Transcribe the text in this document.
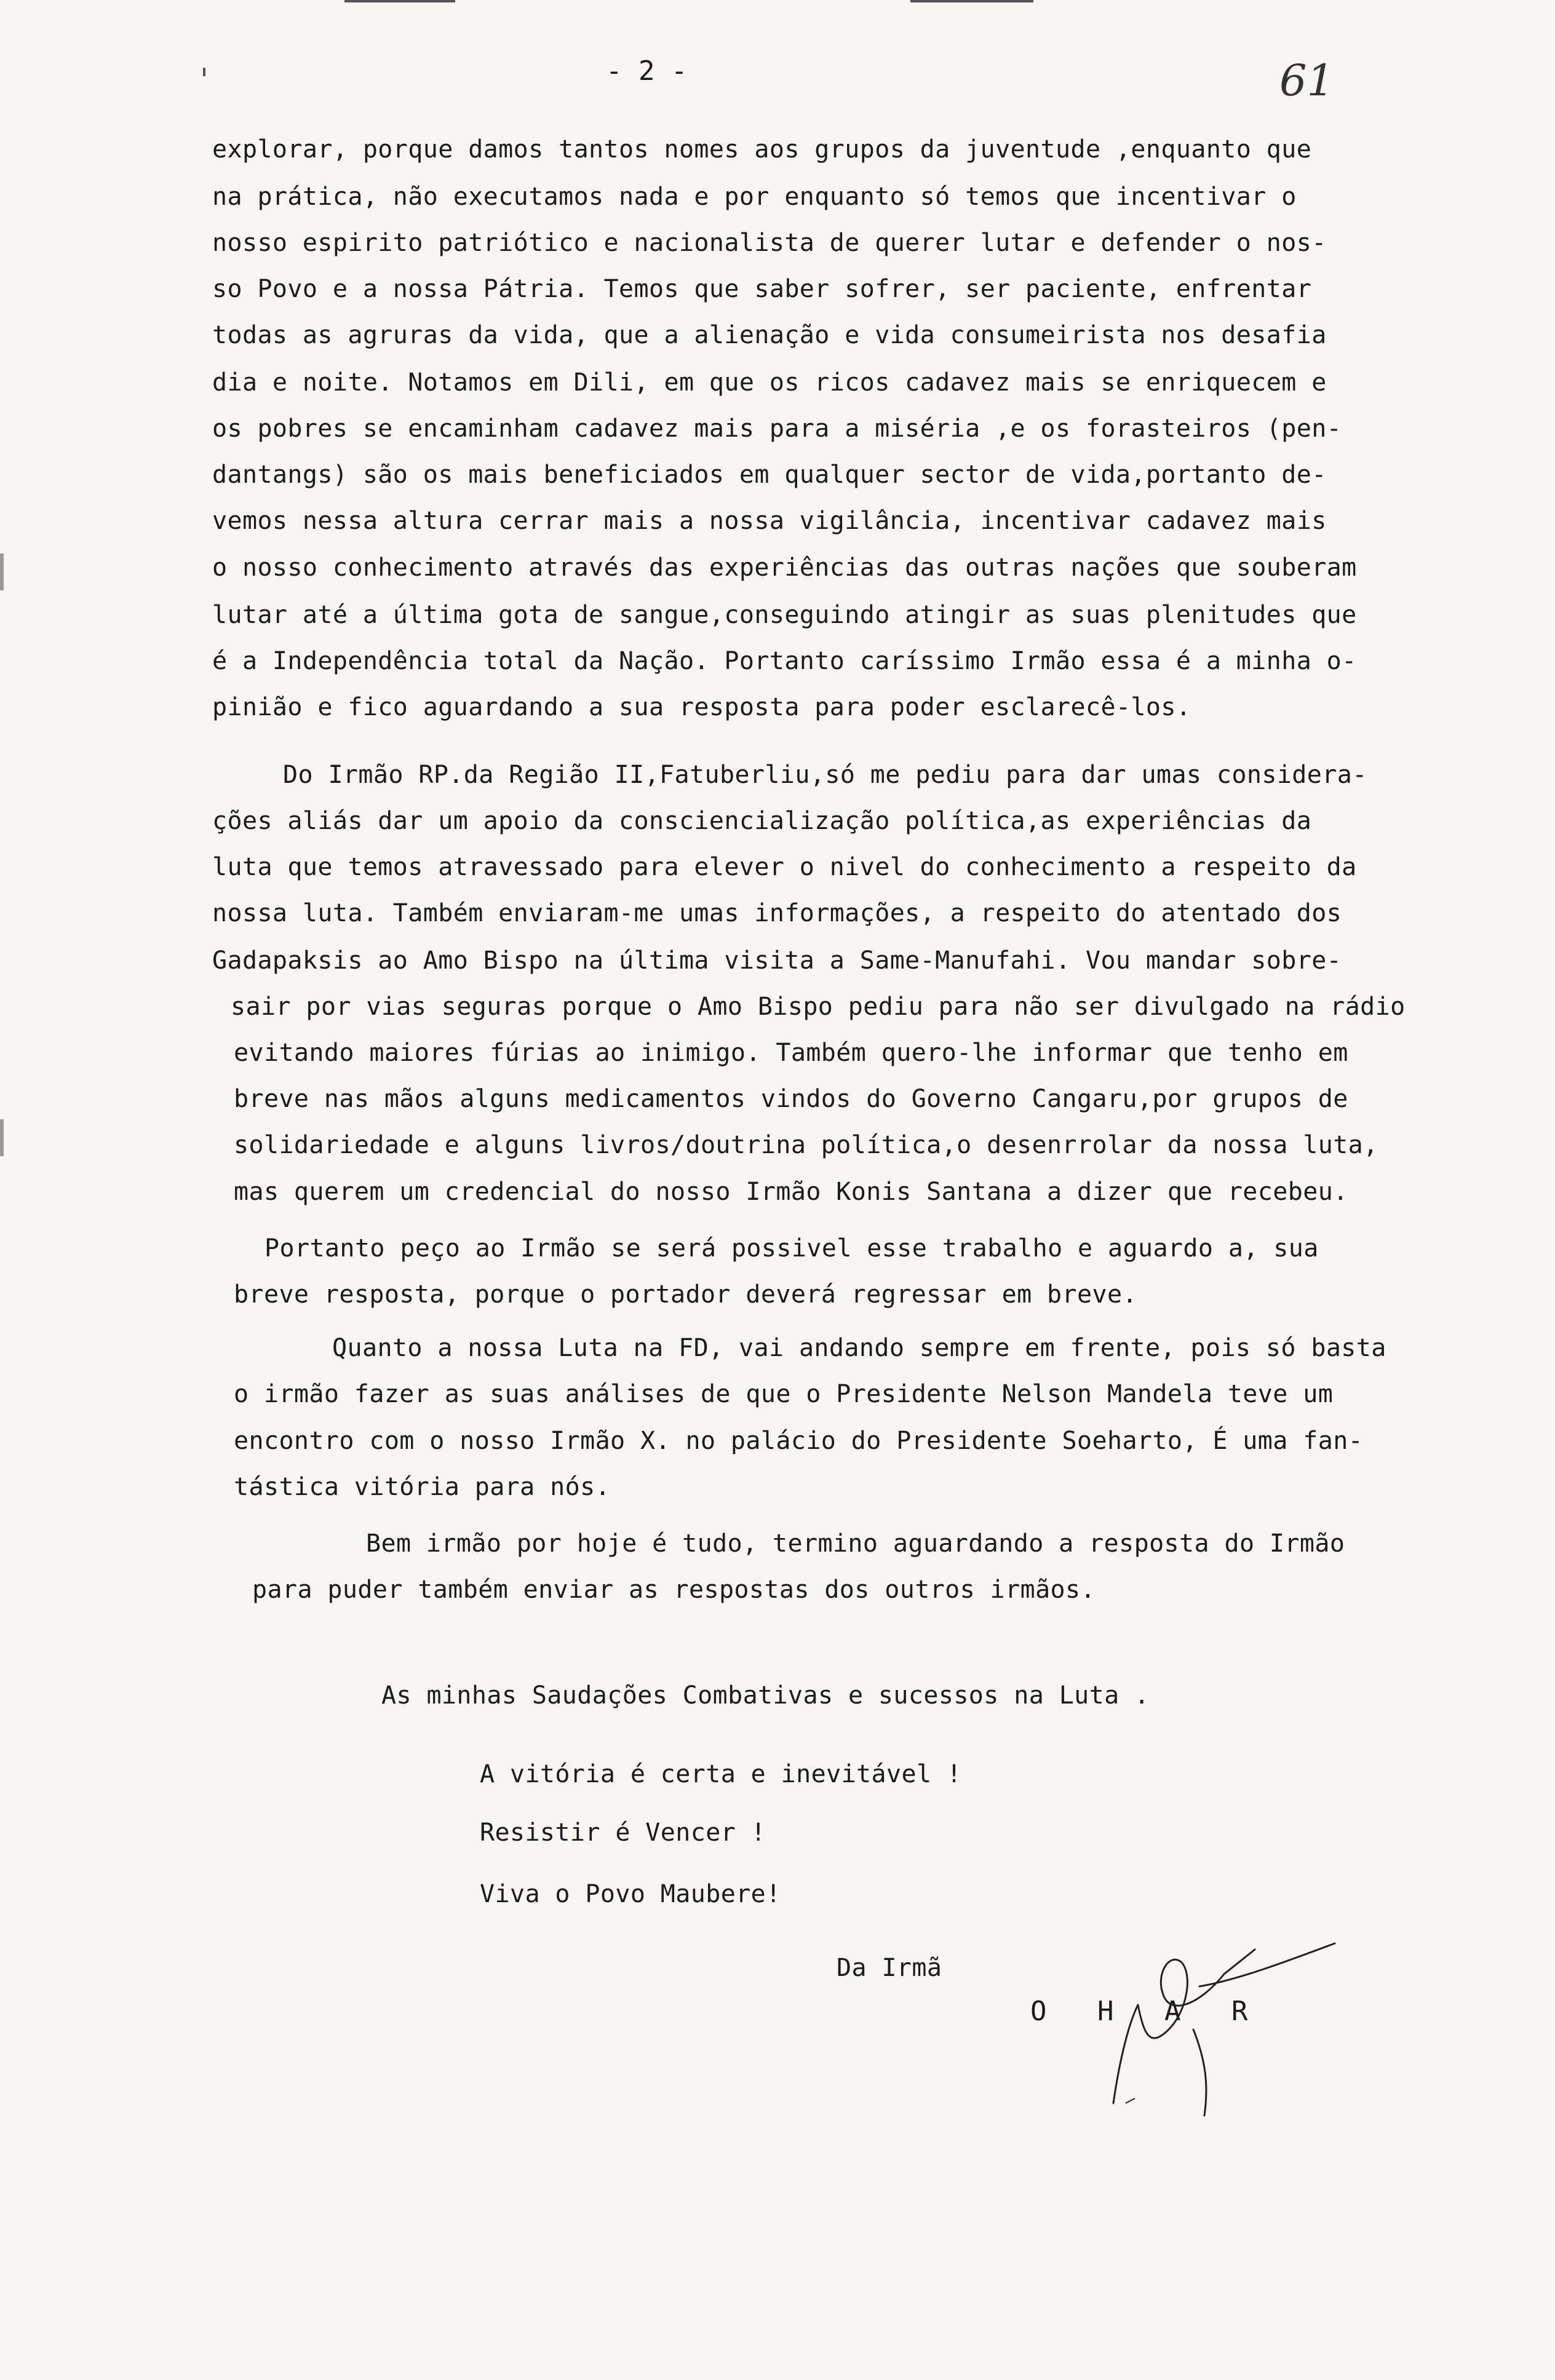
- 2 -	61
explorar, porque damos tantos nomes aos grupos da juventude ,enquanto que
na prática, não executamos nada e por enquanto só temos que incentivar o
nosso espirito patriótico e nacionalista de querer lutar e defender o nos-
so Povo e a nossa Pátria. Temos que saber sofrer, ser paciente, enfrentar
todas as agruras da vida, que a alienação e vida consumeirista nos desafia
dia e noite. Notamos em Dili, em que os ricos cadavez mais se enriquecem e
os pobres se encaminham cadavez mais para a miséria ,e os forasteiros (pen-
dantangs) são os mais beneficiados em qualquer sector de vida,portanto de-
vemos nessa altura cerrar mais a nossa vigilância, incentivar cadavez mais
o nosso conhecimento através das experiências das outras nações que souberam
lutar até a última gota de sangue,conseguindo atingir as suas plenitudes que
é a Independência total da Nação. Portanto caríssimo Irmão essa é a minha o-
pinião e fico aguardando a sua resposta para poder esclarecê-los.
Do Irmão RP.da Região II,Fatuberliu,só me pediu para dar umas considera-
ções aliás dar um apoio da consciencialização política,as experiências da
luta que temos atravessado para elever o nivel do conhecimento a respeito da
nossa luta. Também enviaram-me umas informações, a respeito do atentado dos
Gadapaksis ao Amo Bispo na última visita a Same-Manufahi. Vou mandar sobre-
sair por vias seguras porque o Amo Bispo pediu para não ser divulgado na rádio
evitando maiores fúrias ao inimigo. Também quero-lhe informar que tenho em
breve nas mãos alguns medicamentos vindos do Governo Cangaru,por grupos de
solidariedade e alguns livros/doutrina política,o desenrrolar da nossa luta,
mas querem um credencial do nosso Irmão Konis Santana a dizer que recebeu.
Portanto peço ao Irmão se será possivel esse trabalho e aguardo a, sua
breve resposta, porque o portador deverá regressar em breve.
Quanto a nossa Luta na FD, vai andando sempre em frente, pois só basta
o irmão fazer as suas análises de que o Presidente Nelson Mandela teve um
encontro com o nosso Irmão X. no palácio do Presidente Soeharto, É uma fan-
tástica vitória para nós.
Bem irmão por hoje é tudo, termino aguardando a resposta do Irmão
para puder também enviar as respostas dos outros irmãos.
As minhas Saudações Combativas e sucessos na Luta .
A vitória é certa e inevitável !
Resistir é Vencer !
Viva o Povo Maubere!
Da Irmã
O H A R
